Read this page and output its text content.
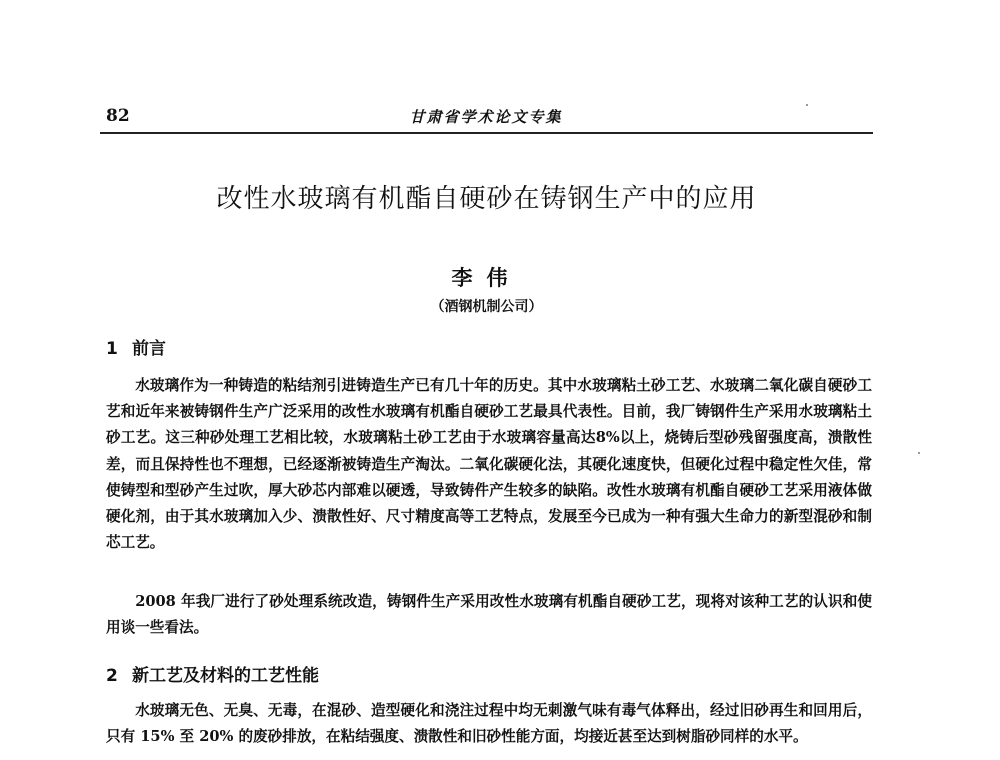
82	甘肃省学术论文专集
改性水玻璃有机酯自硬砂在铸钢生产中的应用
李伟
（酒钢机制公司）
1 前言

水玻璃作为一种铸造的粘结剂引进铸造生产已有几十年的历史。其中水玻璃粘土砂工艺、水玻璃二氧化碳自硬砂工艺和近年来被铸钢件生产广泛采用的改性水玻璃有机酯自硬砂工艺最具代表性。目前，我厂铸钢件生产采用水玻璃粘土砂工艺。这三种砂处理工艺相比较，水玻璃粘土砂工艺由于水玻璃容量高达8%以上，烧铸后型砂残留强度高，溃散性差，而且保持性也不理想，已经逐渐被铸造生产淘汰。二氧化碳硬化法，其硬化速度快，但硬化过程中稳定性欠佳，常使铸型和型砂产生过吹，厚大砂芯内部难以硬透，导致铸件产生较多的缺陷。改性水玻璃有机酯自硬砂工艺采用液体做硬化剂，由于其水玻璃加入少、溃散性好、尺寸精度高等工艺特点，发展至今已成为一种有强大生命力的新型混砂和制芯工艺。

2008 年我厂进行了砂处理系统改造，铸钢件生产采用改性水玻璃有机酯自硬砂工艺，现将对该种工艺的认识和使用谈一些看法。

2 新工艺及材料的工艺性能

水玻璃无色、无臭、无毒，在混砂、造型硬化和浇注过程中均无刺激气味有毒气体释出，经过旧砂再生和回用后，只有 15% 至 20% 的废砂排放，在粘结强度、溃散性和旧砂性能方面，均接近甚至达到树脂砂同样的水平。
